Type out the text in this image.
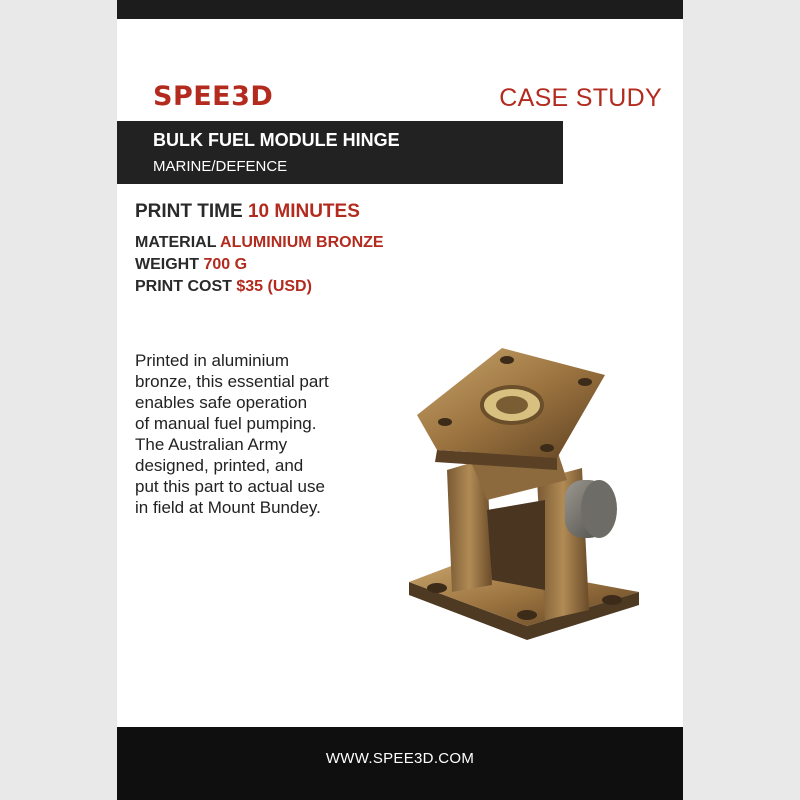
SPEE3D	CASE STUDY
BULK FUEL MODULE HINGE
MARINE/DEFENCE
PRINT TIME 10 MINUTES
MATERIAL ALUMINIUM BRONZE
WEIGHT 700 G
PRINT COST $35 (USD)
Printed in aluminium
bronze, this essential part
enables safe operation
of manual fuel pumping.
The Australian Army
designed, printed, and
put this part to actual use
in field at Mount Bundey.
WWW.SPEE3D.COM
